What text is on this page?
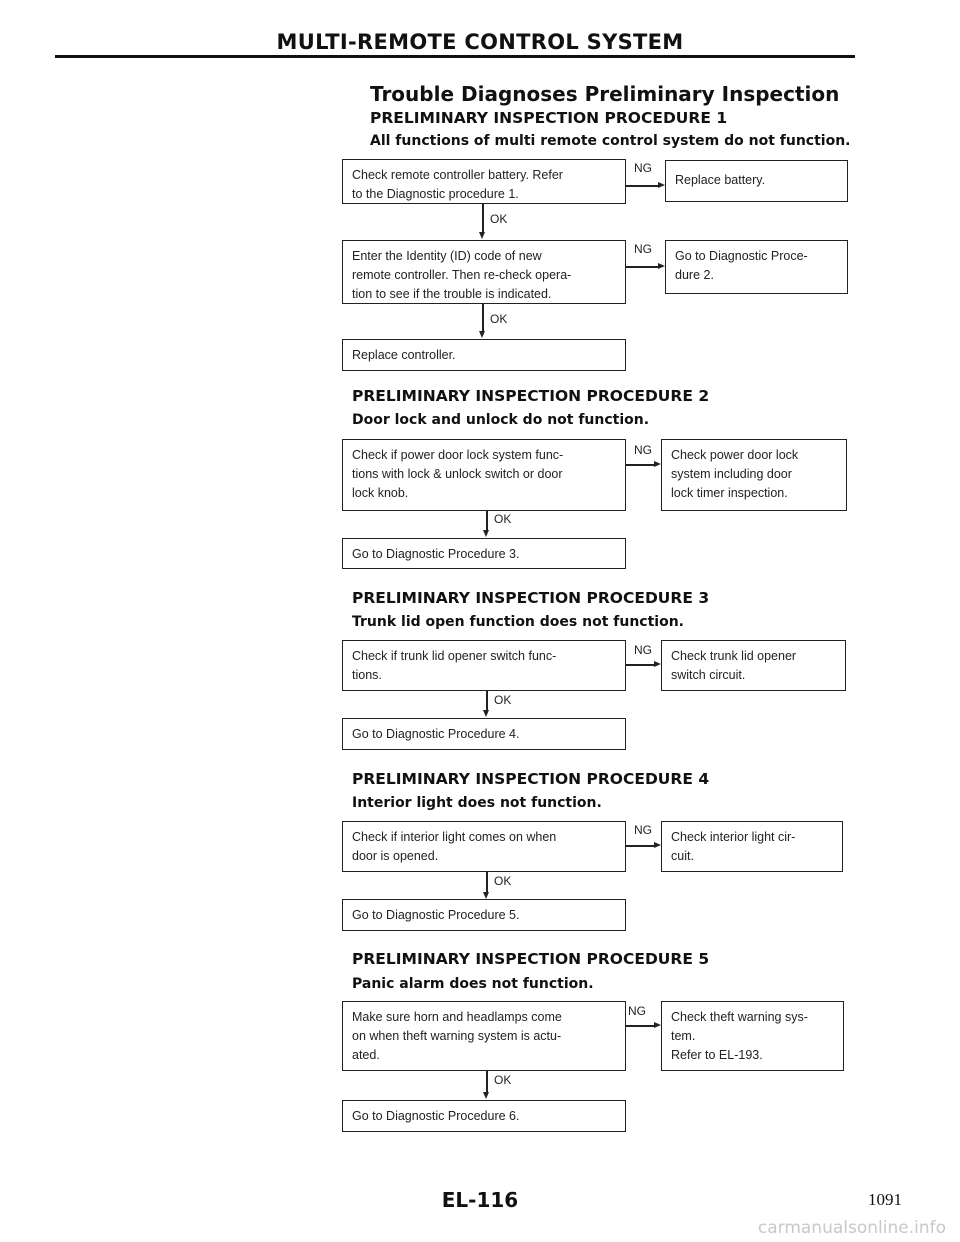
MULTI-REMOTE CONTROL SYSTEM
Trouble Diagnoses Preliminary Inspection
PRELIMINARY INSPECTION PROCEDURE 1
All functions of multi remote control system do not function.
Check remote controller battery. Refer
to the Diagnostic procedure 1.
NG
Replace battery.
OK
Enter the Identity (ID) code of new
remote controller. Then re-check opera-
tion to see if the trouble is indicated.
NG	Go to Diagnostic Proce-
dure 2.
OK
Replace controller.
PRELIMINARY INSPECTION PROCEDURE 2
Door lock and unlock do not function.
Check if power door lock system func-
tions with lock & unlock switch or door
lock knob.
NG	Check power door lock
system including door
lock timer inspection.
OK
Go to Diagnostic Procedure 3.
PRELIMINARY INSPECTION PROCEDURE 3
Trunk lid open function does not function.
Check if trunk lid opener switch func-
tions.
NG	Check trunk lid opener
switch circuit.
OK
Go to Diagnostic Procedure 4.
PRELIMINARY INSPECTION PROCEDURE 4
Interior light does not function.
Check if interior light comes on when
door is opened.
NG	Check interior light cir-
cuit.
OK
Go to Diagnostic Procedure 5.
PRELIMINARY INSPECTION PROCEDURE 5
Panic alarm does not function.
Make sure horn and headlamps come
on when theft warning system is actu-
ated.
NG	Check theft warning sys-
tem.
Refer to EL-193.
OK
Go to Diagnostic Procedure 6.
EL-116	1091
carmanualsonline.info
